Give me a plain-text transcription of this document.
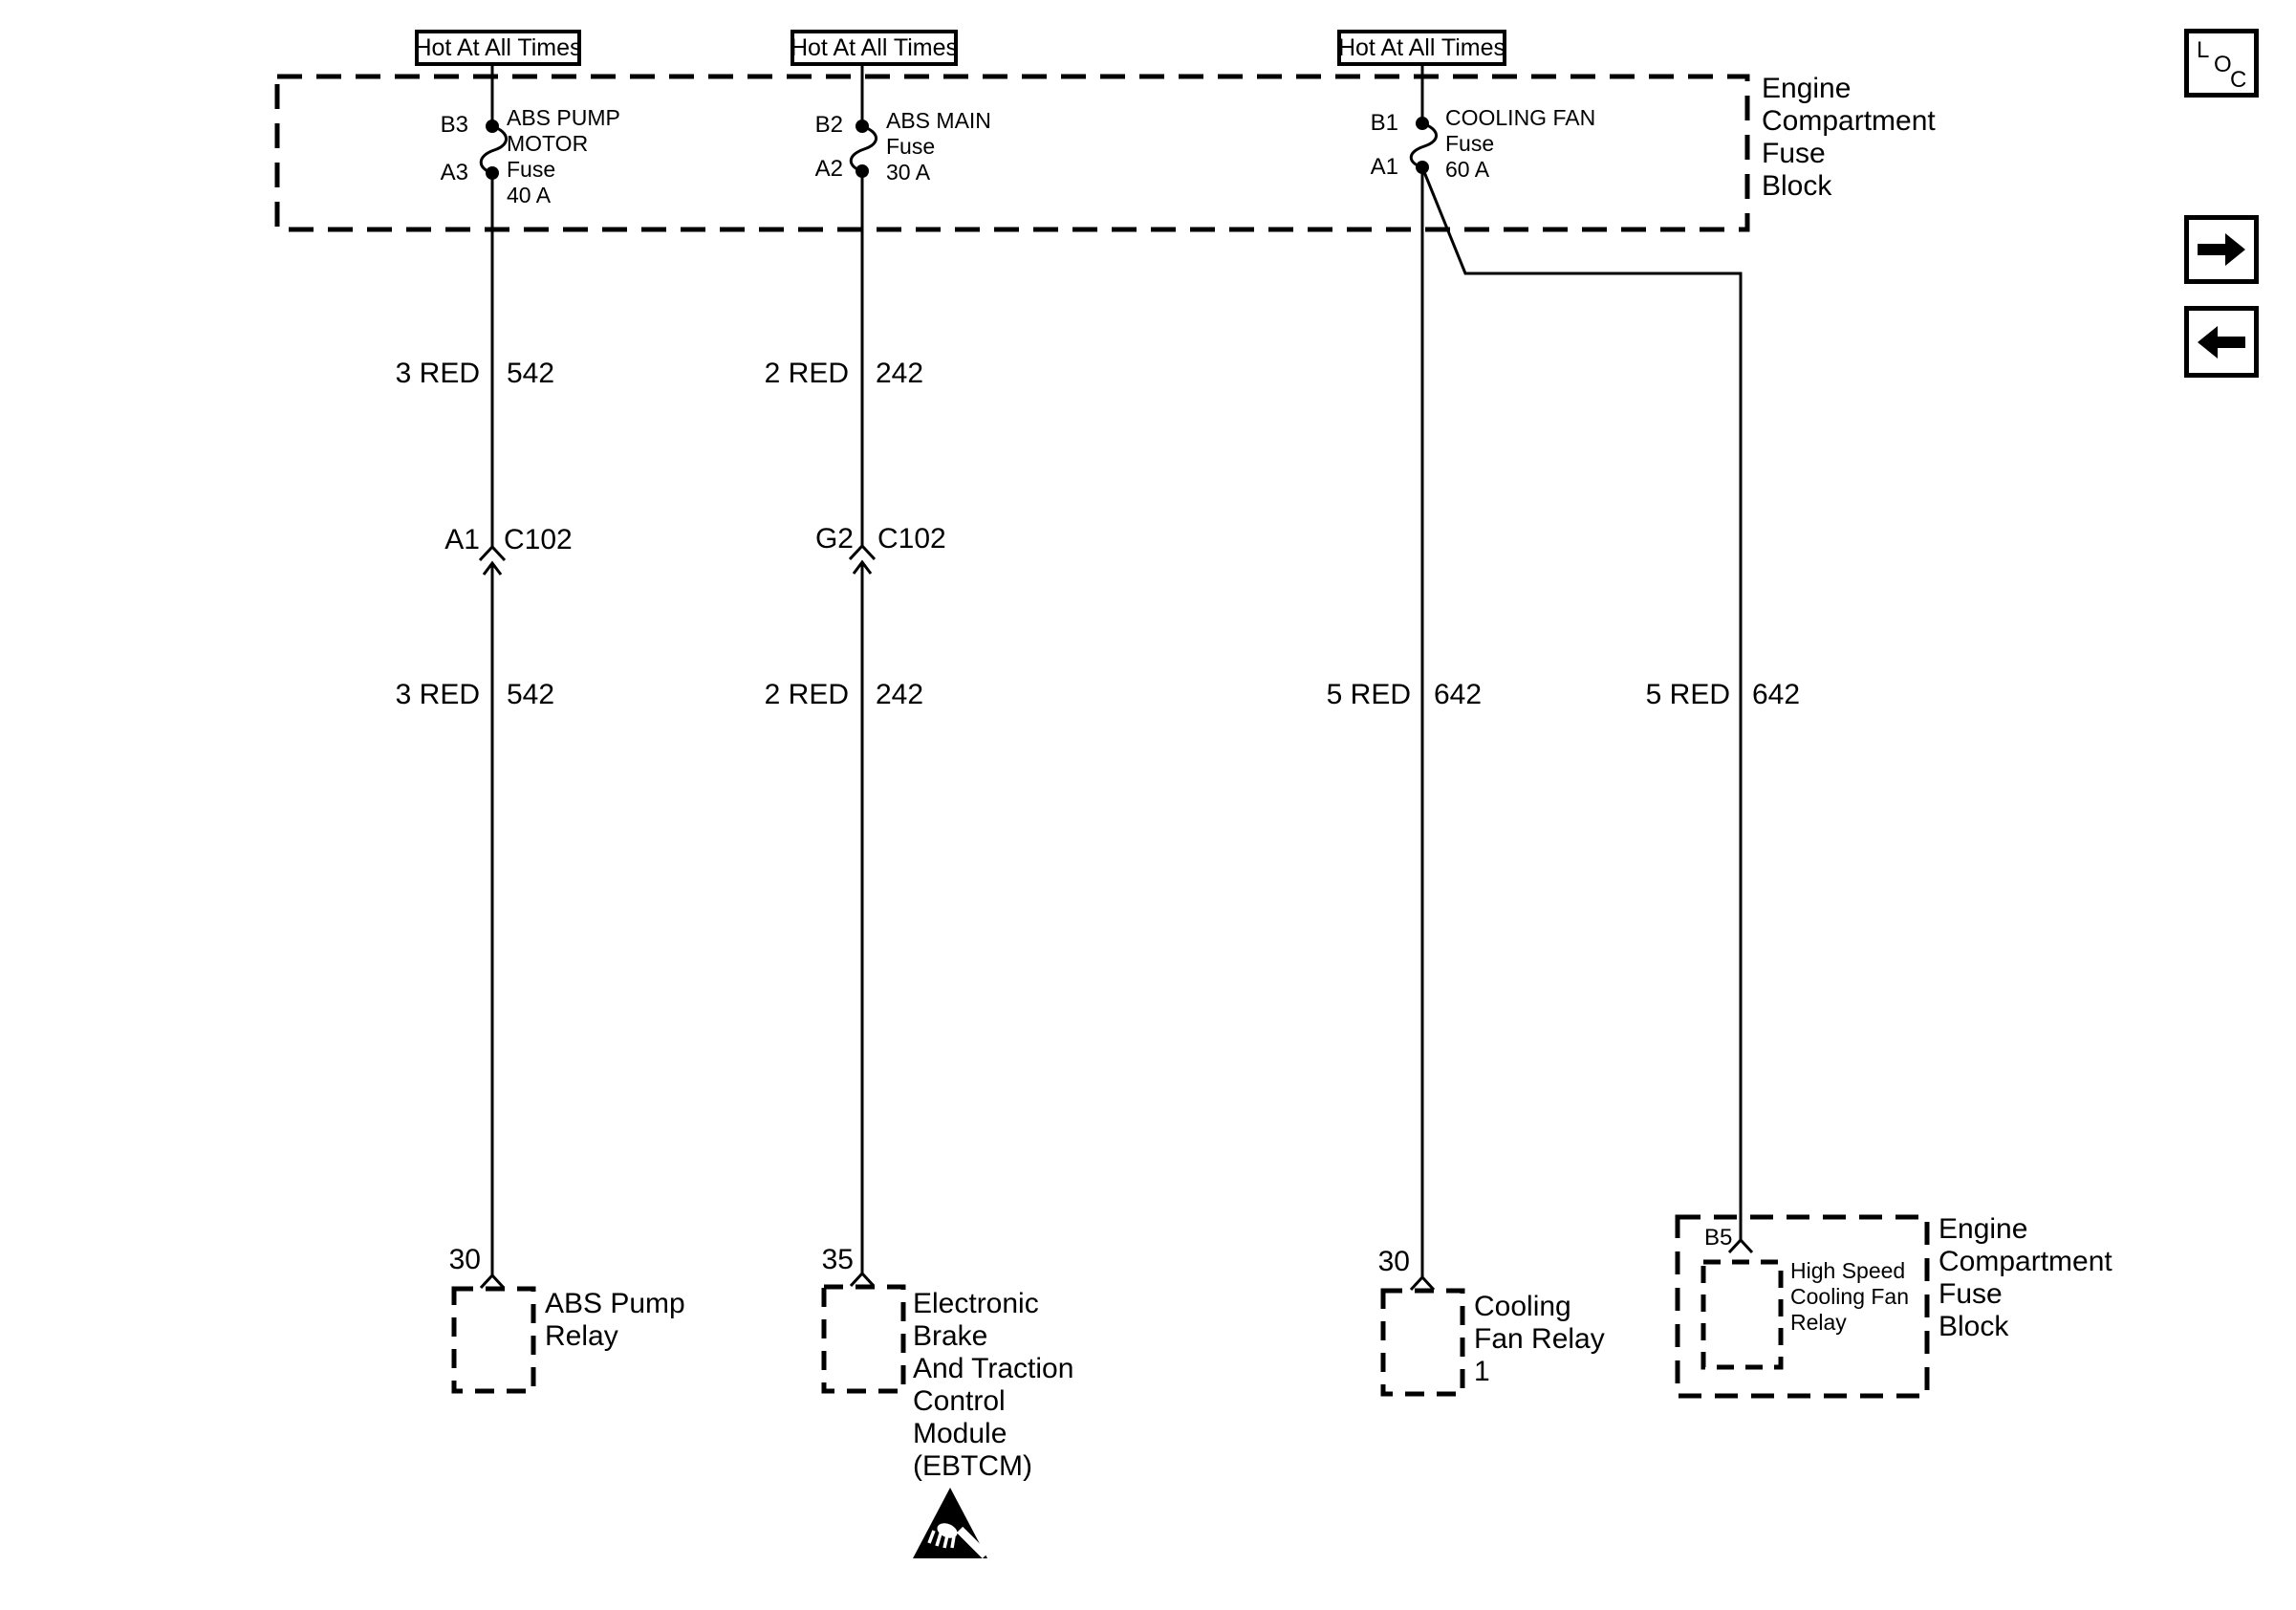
Hot At All Times	Hot At All Times	Hot At All Times
Engine
Compartment
Fuse
Block
B3
A3
ABS PUMP
MOTOR
Fuse
40 A
B2
A2
ABS MAIN
Fuse
30 A
B1
A1
COOLING FAN
Fuse
60 A
3 RED 542	2 RED 242
A1 C102	G2 C102
3 RED 542	2 RED 242	5 RED 642	5 RED 642
30
ABS Pump
Relay
35
Electronic
Brake
And Traction
Control
Module
(EBTCM)
30
Cooling
Fan Relay
1
B5
High Speed
Cooling Fan
Relay
Engine
Compartment
Fuse
Block
L
O
C
